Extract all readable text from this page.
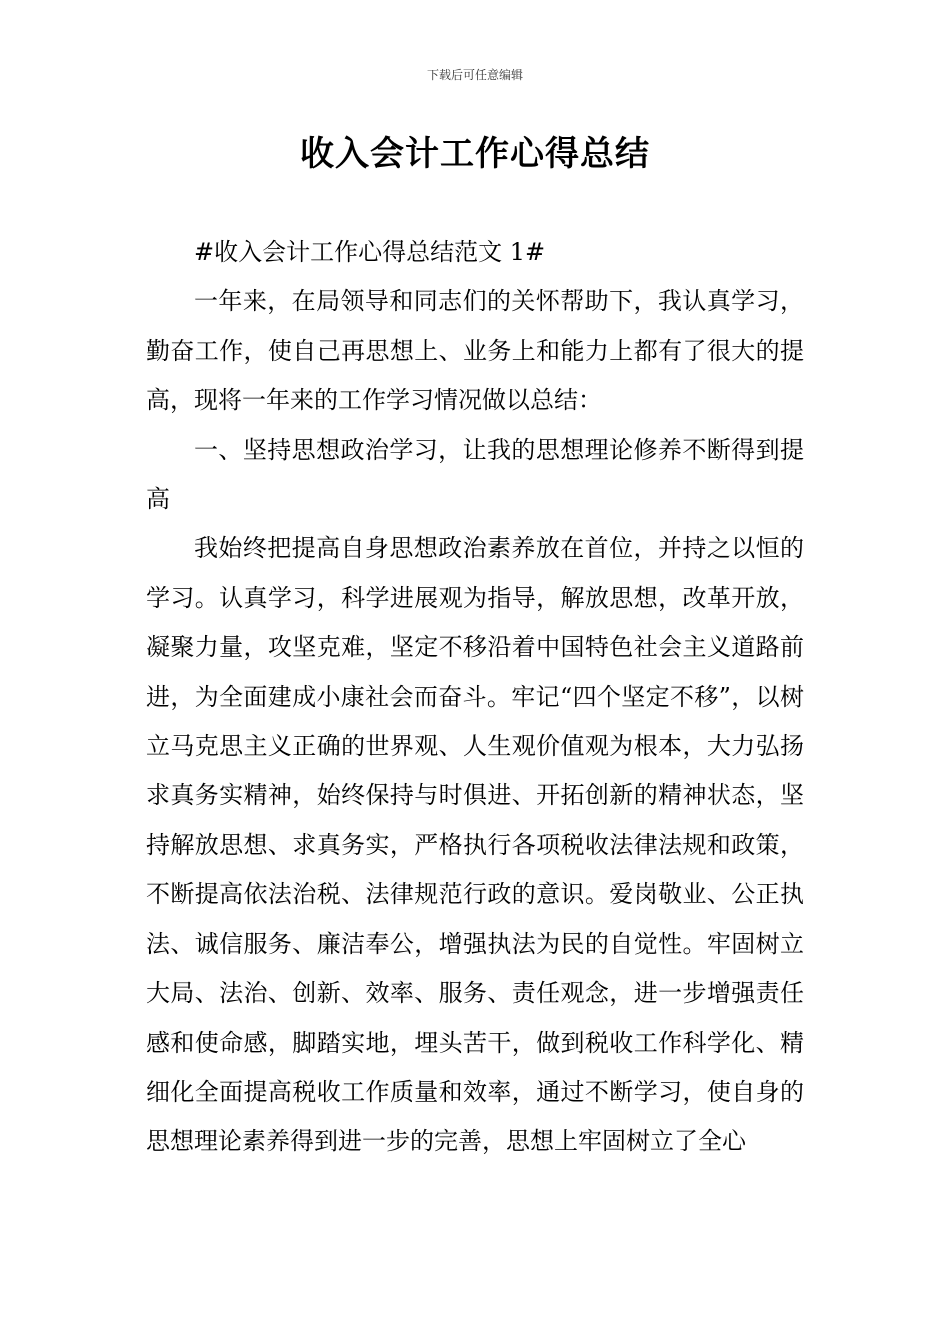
下载后可任意编辑
收入会计工作心得总结

#收入会计工作心得总结范文 1#

一年来，在局领导和同志们的关怀帮助下，我认真学习，勤奋工作，使自己再思想上、业务上和能力上都有了很大的提高，现将一年来的工作学习情况做以总结：

一、坚持思想政治学习，让我的思想理论修养不断得到提高

我始终把提高自身思想政治素养放在首位，并持之以恒的学习。认真学习，科学进展观为指导，解放思想，改革开放，凝聚力量，攻坚克难，坚定不移沿着中国特色社会主义道路前进，为全面建成小康社会而奋斗。牢记“四个坚定不移”，以树立马克思主义正确的世界观、人生观价值观为根本，大力弘扬求真务实精神，始终保持与时俱进、开拓创新的精神状态，坚持解放思想、求真务实，严格执行各项税收法律法规和政策，不断提高依法治税、法律规范行政的意识。爱岗敬业、公正执法、诚信服务、廉洁奉公，增强执法为民的自觉性。牢固树立大局、法治、创新、效率、服务、责任观念，进一步增强责任感和使命感，脚踏实地，埋头苦干，做到税收工作科学化、精细化全面提高税收工作质量和效率，通过不断学习，使自身的思想理论素养得到进一步的完善，思想上牢固树立了全心
